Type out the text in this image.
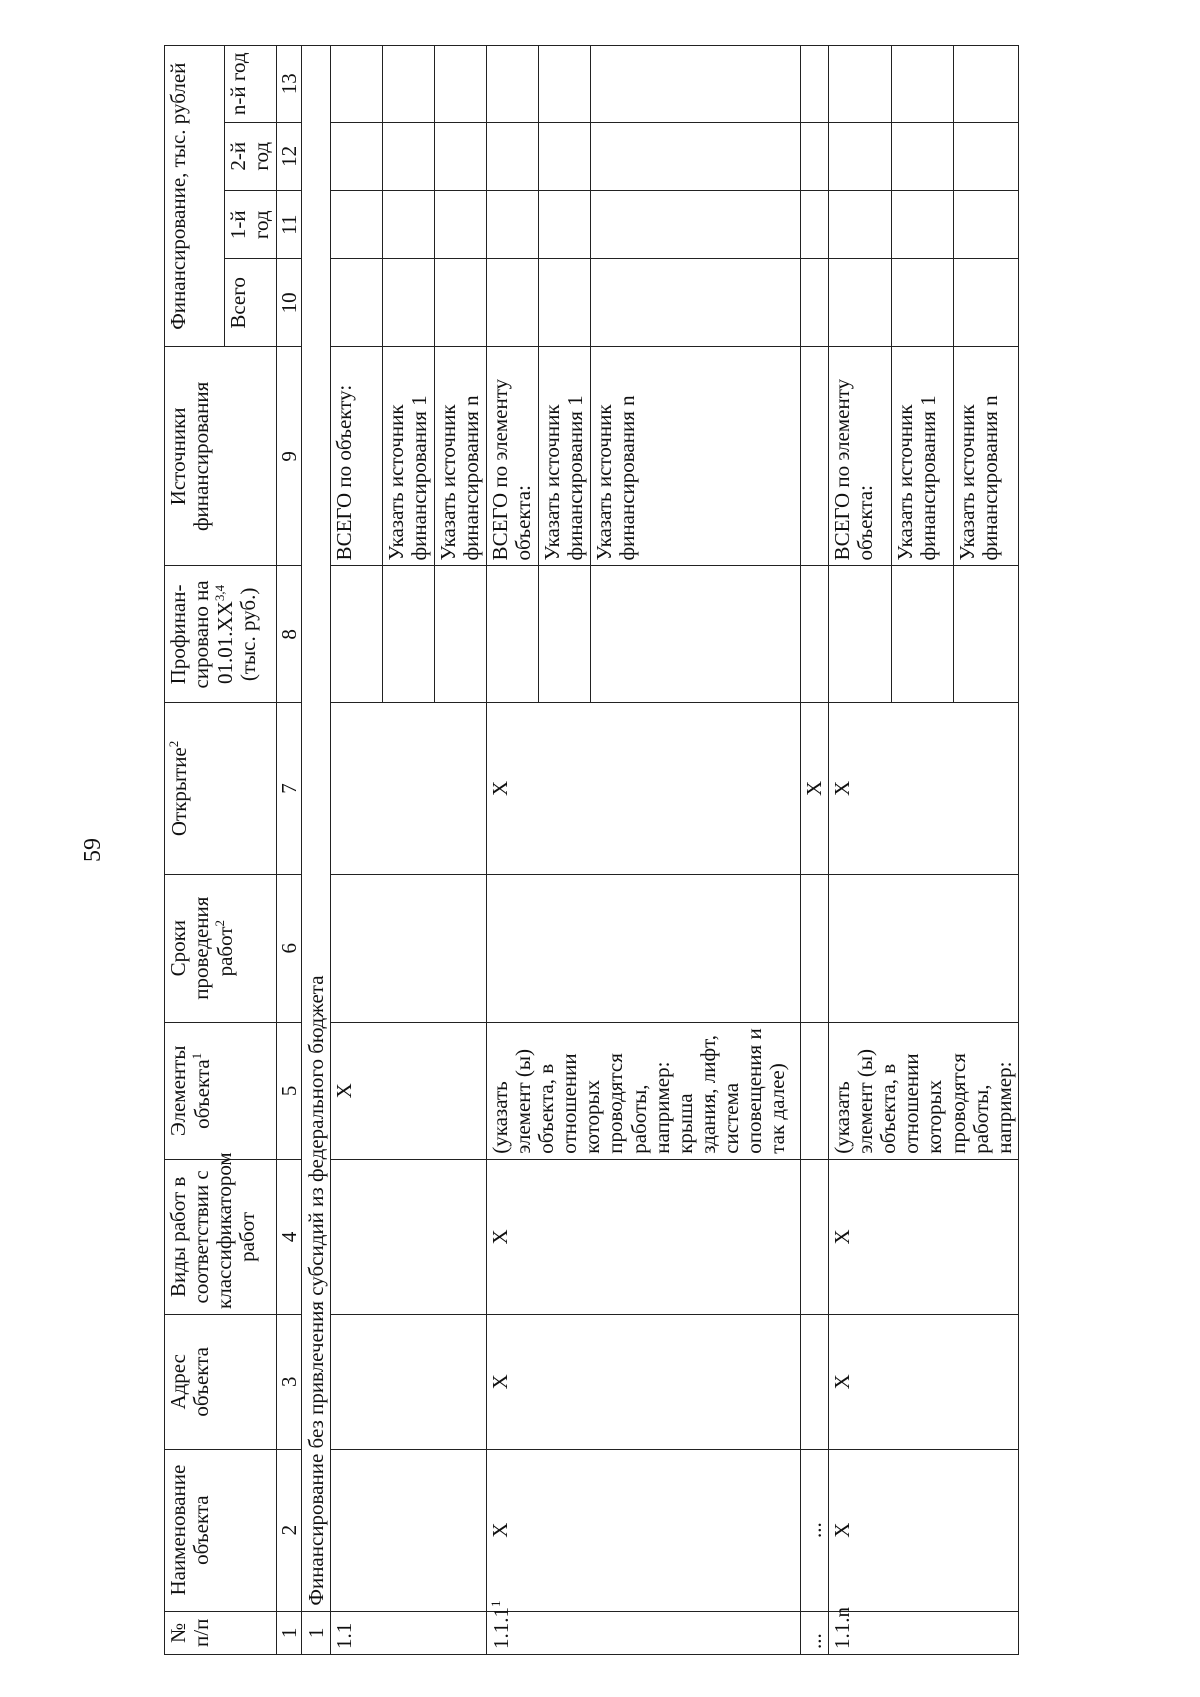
59
№ п/п	Наименование объекта	Адрес объекта	Виды работ в соответствии с классификатором работ	Элементы объекта$^1$	Сроки проведения работ$^2$	Открытие$^2$	Профинан-сировано на 01.01.XX$^{3,4}$ (тыс. руб.)	Источники финансирования	Финансирование, тыс. рублей			
									Всего	1-й год	2-й год	n-й год
1	2	3	4	5	6	7	8	9	10	11	12	13
1	Финансирование без привлечения субсидий из федерального бюджета											
1.1				X				ВСЕГО по объекту:				
								Указать источник финансирования 1				
								Указать источник финансирования n				
1.1.1$^1$	X	X	X	(указать элемент (ы) объекта, в отношении которых проводятся работы, например: крыша здания, лифт, система оповещения и так далее)		X		ВСЕГО по элементу объекта:				
								Указать источник финансирования 1				
								Указать источник финансирования n				
...	...					X						
1.1.n	X	X	X	(указать элемент (ы) объекта, в отношении которых проводятся работы, например:		X		ВСЕГО по элементу объекта:				
								Указать источник финансирования 1				
								Указать источник финансирования n				
